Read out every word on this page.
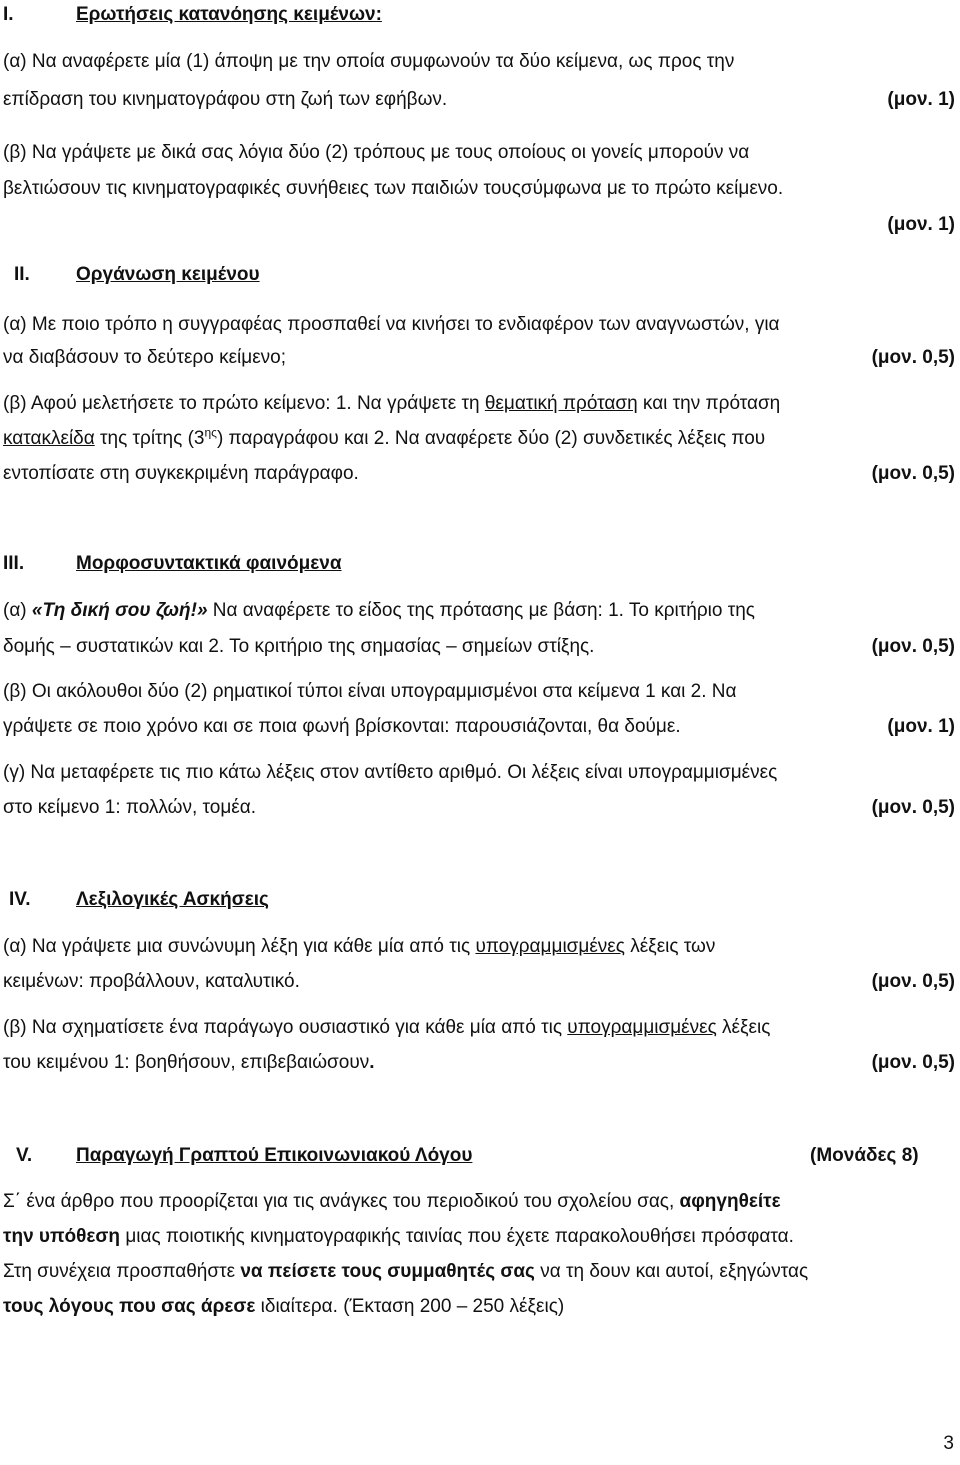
I.	Ερωτήσεις κατανόησης κειμένων:
(α) Να αναφέρετε μία (1) άποψη με την οποία συμφωνούν τα δύο κείμενα, ως προς την
επίδραση του κινηματογράφου στη ζωή των εφήβων.	(μον. 1)
(β) Να γράψετε με δικά σας λόγια δύο (2) τρόπους με τους οποίους οι γονείς μπορούν να
βελτιώσουν τις κινηματογραφικές συνήθειες των παιδιών τουςσύμφωνα με το πρώτο κείμενο.
(μον. 1)
II. Οργάνωση κειμένου
(α) Με ποιο τρόπο η συγγραφέας προσπαθεί να κινήσει το ενδιαφέρον των αναγνωστών, για
να διαβάσουν το δεύτερο κείμενο;	(μον. 0,5)
(β) Αφού μελετήσετε το πρώτο κείμενο: 1. Να γράψετε τη θεματική πρόταση και την πρόταση
κατακλείδα της τρίτης $(3^{\eta\varsigma})$ παραγράφου και 2. Να αναφέρετε δύο (2) συνδετικές λέξεις που
εντοπίσατε στη συγκεκριμένη παράγραφο.	(μον. 0,5)
III.	Μορφοσυντακτικά φαινόμενα
(α) «Τη δική σου ζωή!» Να αναφέρετε το είδος της πρότασης με βάση: 1. Το κριτήριο της
δομής – συστατικών και 2. Το κριτήριο της σημασίας – σημείων στίξης.	(μον. 0,5)
(β) Οι ακόλουθοι δύο (2) ρηματικοί τύποι είναι υπογραμμισμένοι στα κείμενα 1 και 2. Να
γράψετε σε ποιο χρόνο και σε ποια φωνή βρίσκονται: παρουσιάζονται, θα δούμε.	(μον. 1)
(γ) Να μεταφέρετε τις πιο κάτω λέξεις στον αντίθετο αριθμό. Οι λέξεις είναι υπογραμμισμένες
στο κείμενο 1: πολλών, τομέα.	(μον. 0,5)
IV. Λεξιλογικές Ασκήσεις
(α) Να γράψετε μια συνώνυμη λέξη για κάθε μία από τις υπογραμμισμένες λέξεις των
κειμένων: προβάλλουν, καταλυτικό.	(μον. 0,5)
(β) Να σχηματίσετε ένα παράγωγο ουσιαστικό για κάθε μία από τις υπογραμμισμένες λέξεις
του κειμένου 1: βοηθήσουν, επιβεβαιώσουν.	(μον. 0,5)
V. Παραγωγή Γραπτού Επικοινωνιακού Λόγου	(Μονάδες 8)
Σ΄ ένα άρθρο που προορίζεται για τις ανάγκες του περιοδικού του σχολείου σας, αφηγηθείτε
την υπόθεση μιας ποιοτικής κινηματογραφικής ταινίας που έχετε παρακολουθήσει πρόσφατα.
Στη συνέχεια προσπαθήστε να πείσετε τους συμμαθητές σας να τη δουν και αυτοί, εξηγώντας
τους λόγους που σας άρεσε ιδιαίτερα. (Έκταση 200 – 250 λέξεις)
3
